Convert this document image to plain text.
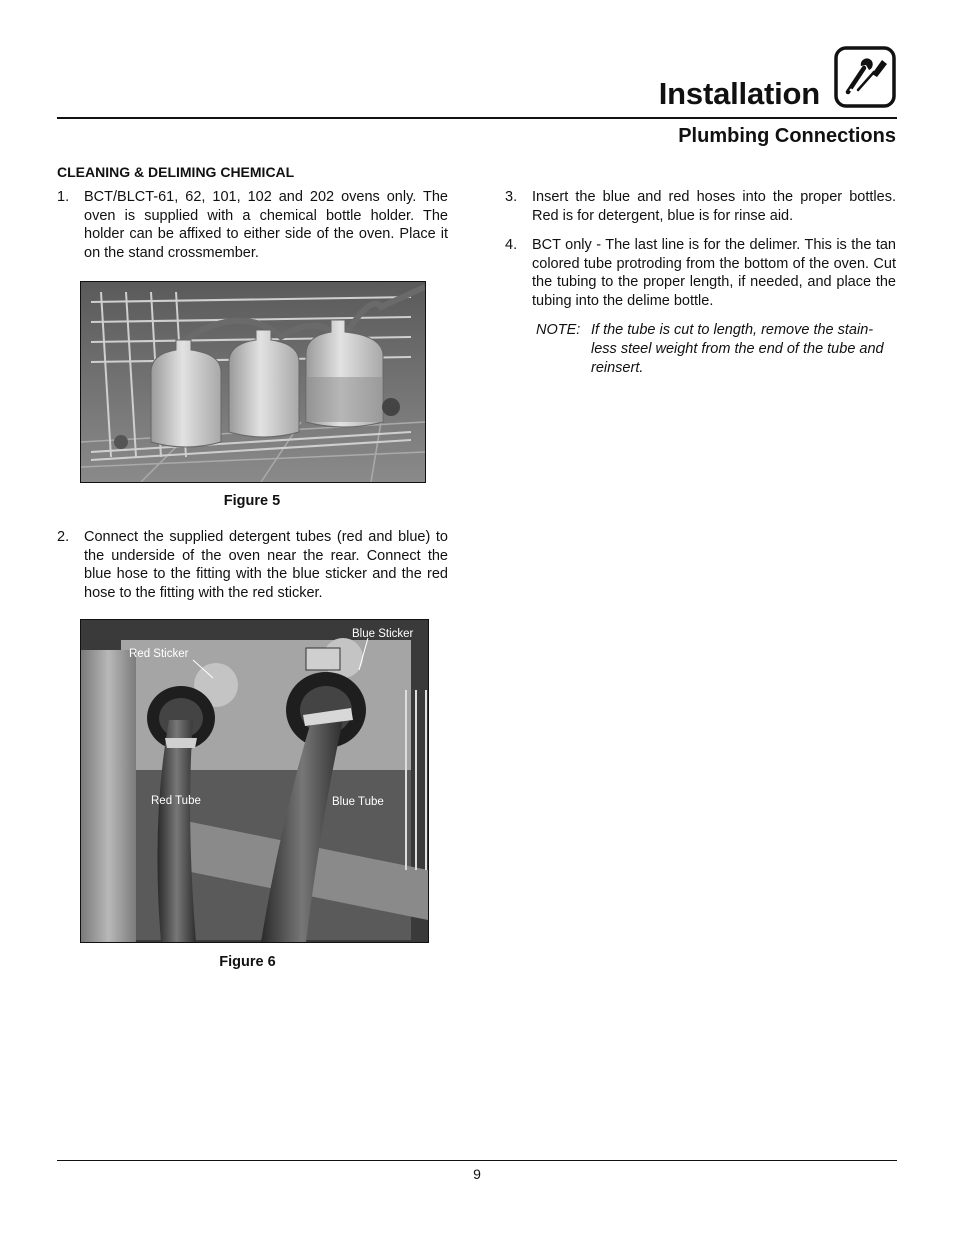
Installation
Plumbing Connections
CLEANING & DELIMING CHEMICAL
1. BCT/BLCT-61, 62, 101, 102 and 202 ovens only. The oven is supplied with a chemical bottle holder. The holder can be affixed to either side of the oven. Place it on the stand crossmember.
Figure 5
2. Connect the supplied detergent tubes (red and blue) to the underside of the oven near the rear. Connect the blue hose to the fitting with the blue sticker and the red hose to the fitting with the red sticker.
Red Sticker
Blue Sticker
Red Tube	Blue Tube
Figure 6
3. Insert the blue and red hoses into the proper bottles. Red is for detergent, blue is for rinse aid.
4. BCT only - The last line is for the delimer. This is the tan colored tube protroding from the bottom of the oven. Cut the tubing to the proper length, if needed, and place the tubing into the delime bottle.
NOTE: If the tube is cut to length, remove the stain-less steel weight from the end of the tube and reinsert.
9
